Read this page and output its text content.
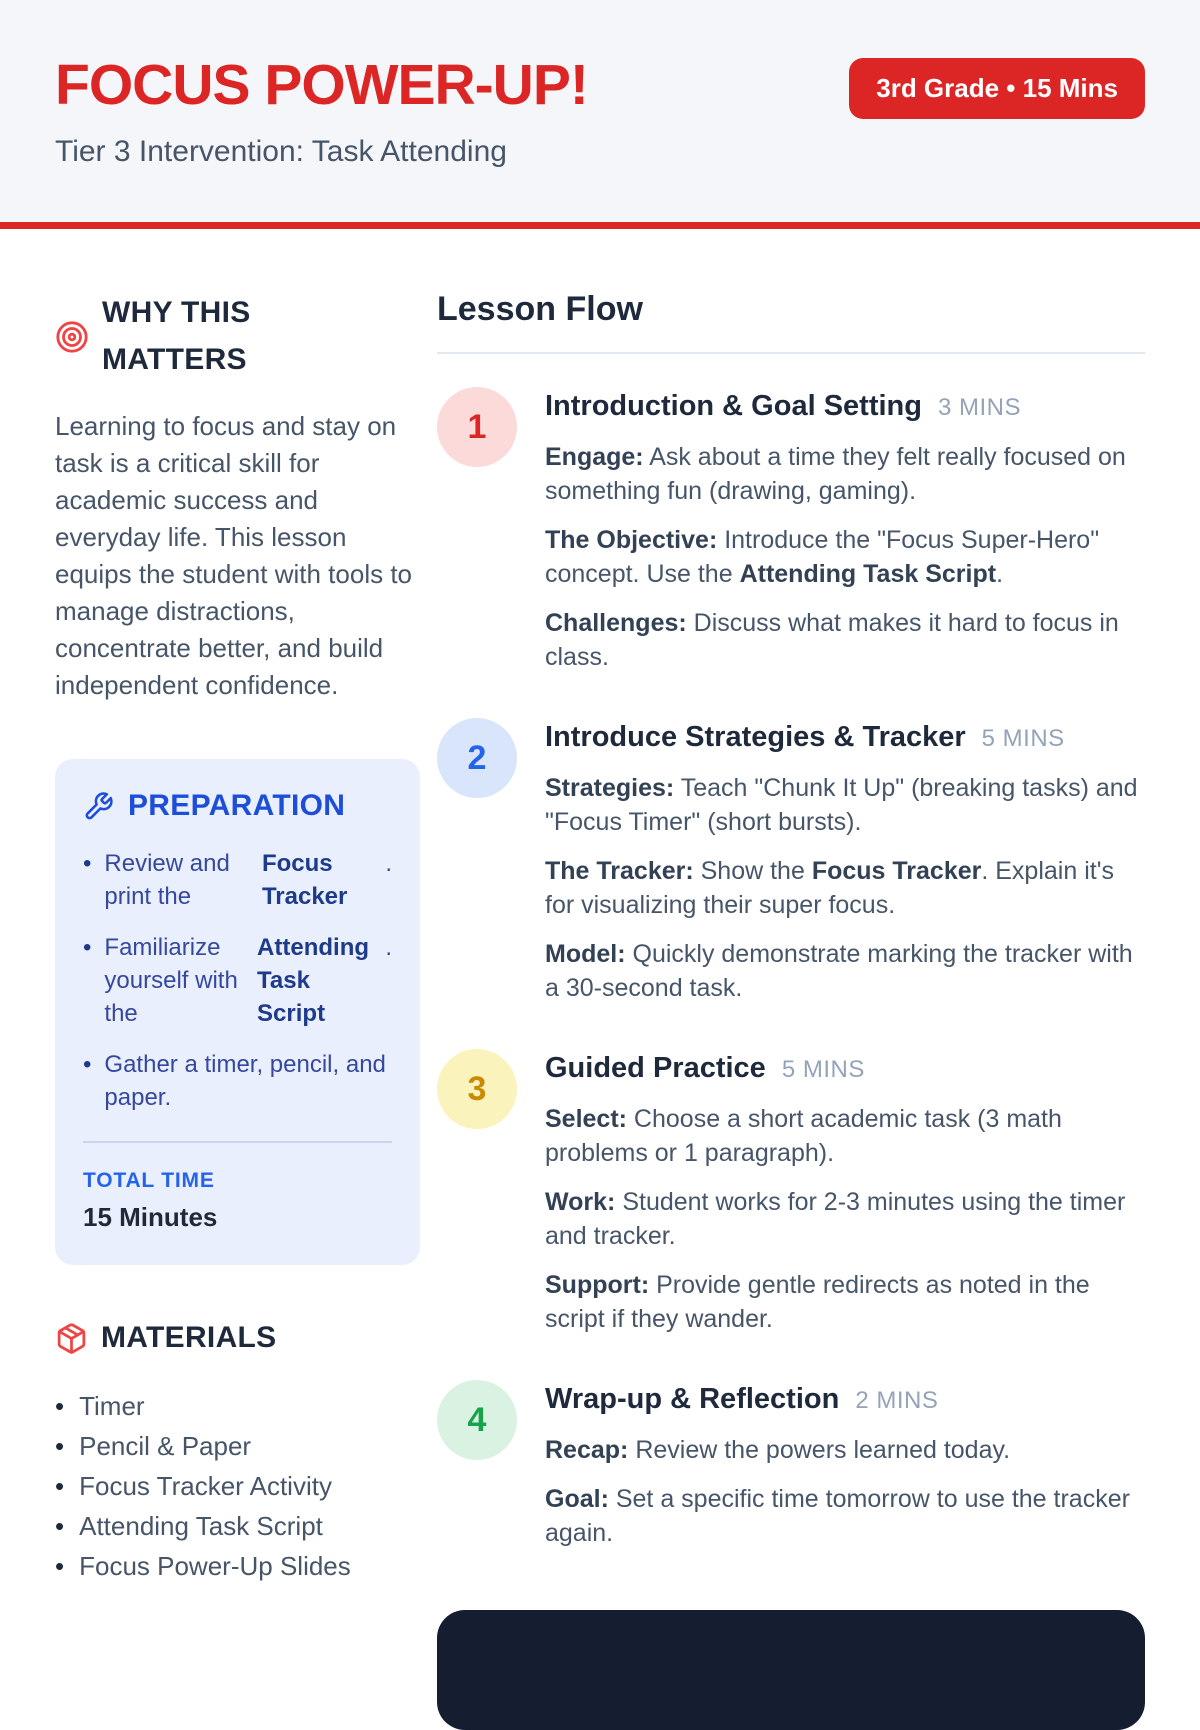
FOCUS POWER-UP!
Tier 3 Intervention: Task Attending
3rd Grade • 15 Mins
WHY THIS MATTERS

Learning to focus and stay on task is a critical skill for academic success and everyday life. This lesson equips the student with tools to manage distractions, concentrate better, and build independent confidence.

PREPARATION
• Review and print the
Focus Tracker
.
• Familiarize yourself with the
Attending Task Script
.
• Gather a timer, pencil, and paper.
TOTAL TIME
15 Minutes
MATERIALS
• Timer
• Pencil & Paper
• Focus Tracker Activity
• Attending Task Script
• Focus Power-Up Slides
Lesson Flow
1
Introduction & Goal Setting 3 MINS

Engage: Ask about a time they felt really focused on something fun (drawing, gaming).

The Objective: Introduce the "Focus Super-Hero" concept. Use the Attending Task Script.

Challenges: Discuss what makes it hard to focus in class.

2
Introduce Strategies & Tracker 5 MINS

Strategies: Teach "Chunk It Up" (breaking tasks) and "Focus Timer" (short bursts).

The Tracker: Show the Focus Tracker. Explain it's for visualizing their super focus.

Model: Quickly demonstrate marking the tracker with a 30-second task.

3
Guided Practice 5 MINS

Select: Choose a short academic task (3 math problems or 1 paragraph).

Work: Student works for 2-3 minutes using the timer and tracker.

Support: Provide gentle redirects as noted in the script if they wander.

4
Wrap-up & Reflection 2 MINS

Recap: Review the powers learned today.

Goal: Set a specific time tomorrow to use the tracker again.
